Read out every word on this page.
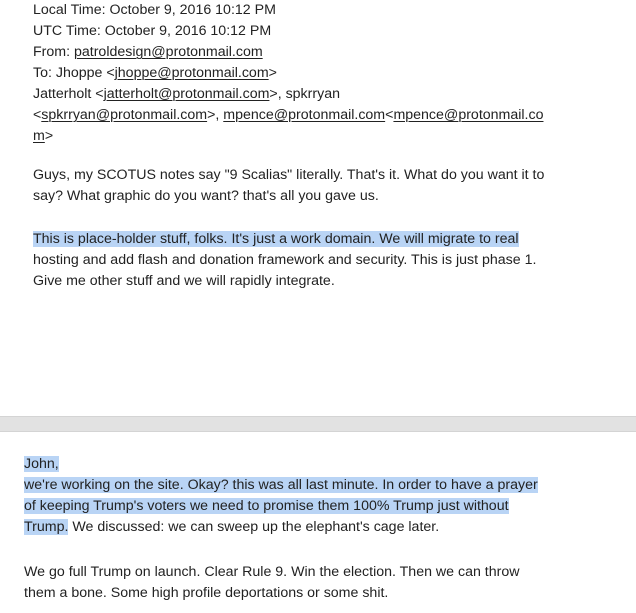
Local Time: October 9, 2016 10:12 PM
UTC Time: October 9, 2016 10:12 PM
From: patroldesign@protonmail.com
To: Jhoppe <jhoppe@protonmail.com>
Jatterholt <jatterholt@protonmail.com>, spkrryan
<spkrryan@protonmail.com>, mpence@protonmail.com<mpence@protonmail.co
m>
Guys, my SCOTUS notes say "9 Scalias" literally. That's it. What do you want it to
say? What graphic do you want? that's all you gave us.
This is place-holder stuff, folks. It's just a work domain. We will migrate to real
hosting and add flash and donation framework and security. This is just phase 1.
Give me other stuff and we will rapidly integrate.
John,
we're working on the site. Okay? this was all last minute. In order to have a prayer
of keeping Trump's voters we need to promise them 100% Trump just without
Trump. We discussed: we can sweep up the elephant's cage later.
We go full Trump on launch. Clear Rule 9. Win the election. Then we can throw
them a bone. Some high profile deportations or some shit.
